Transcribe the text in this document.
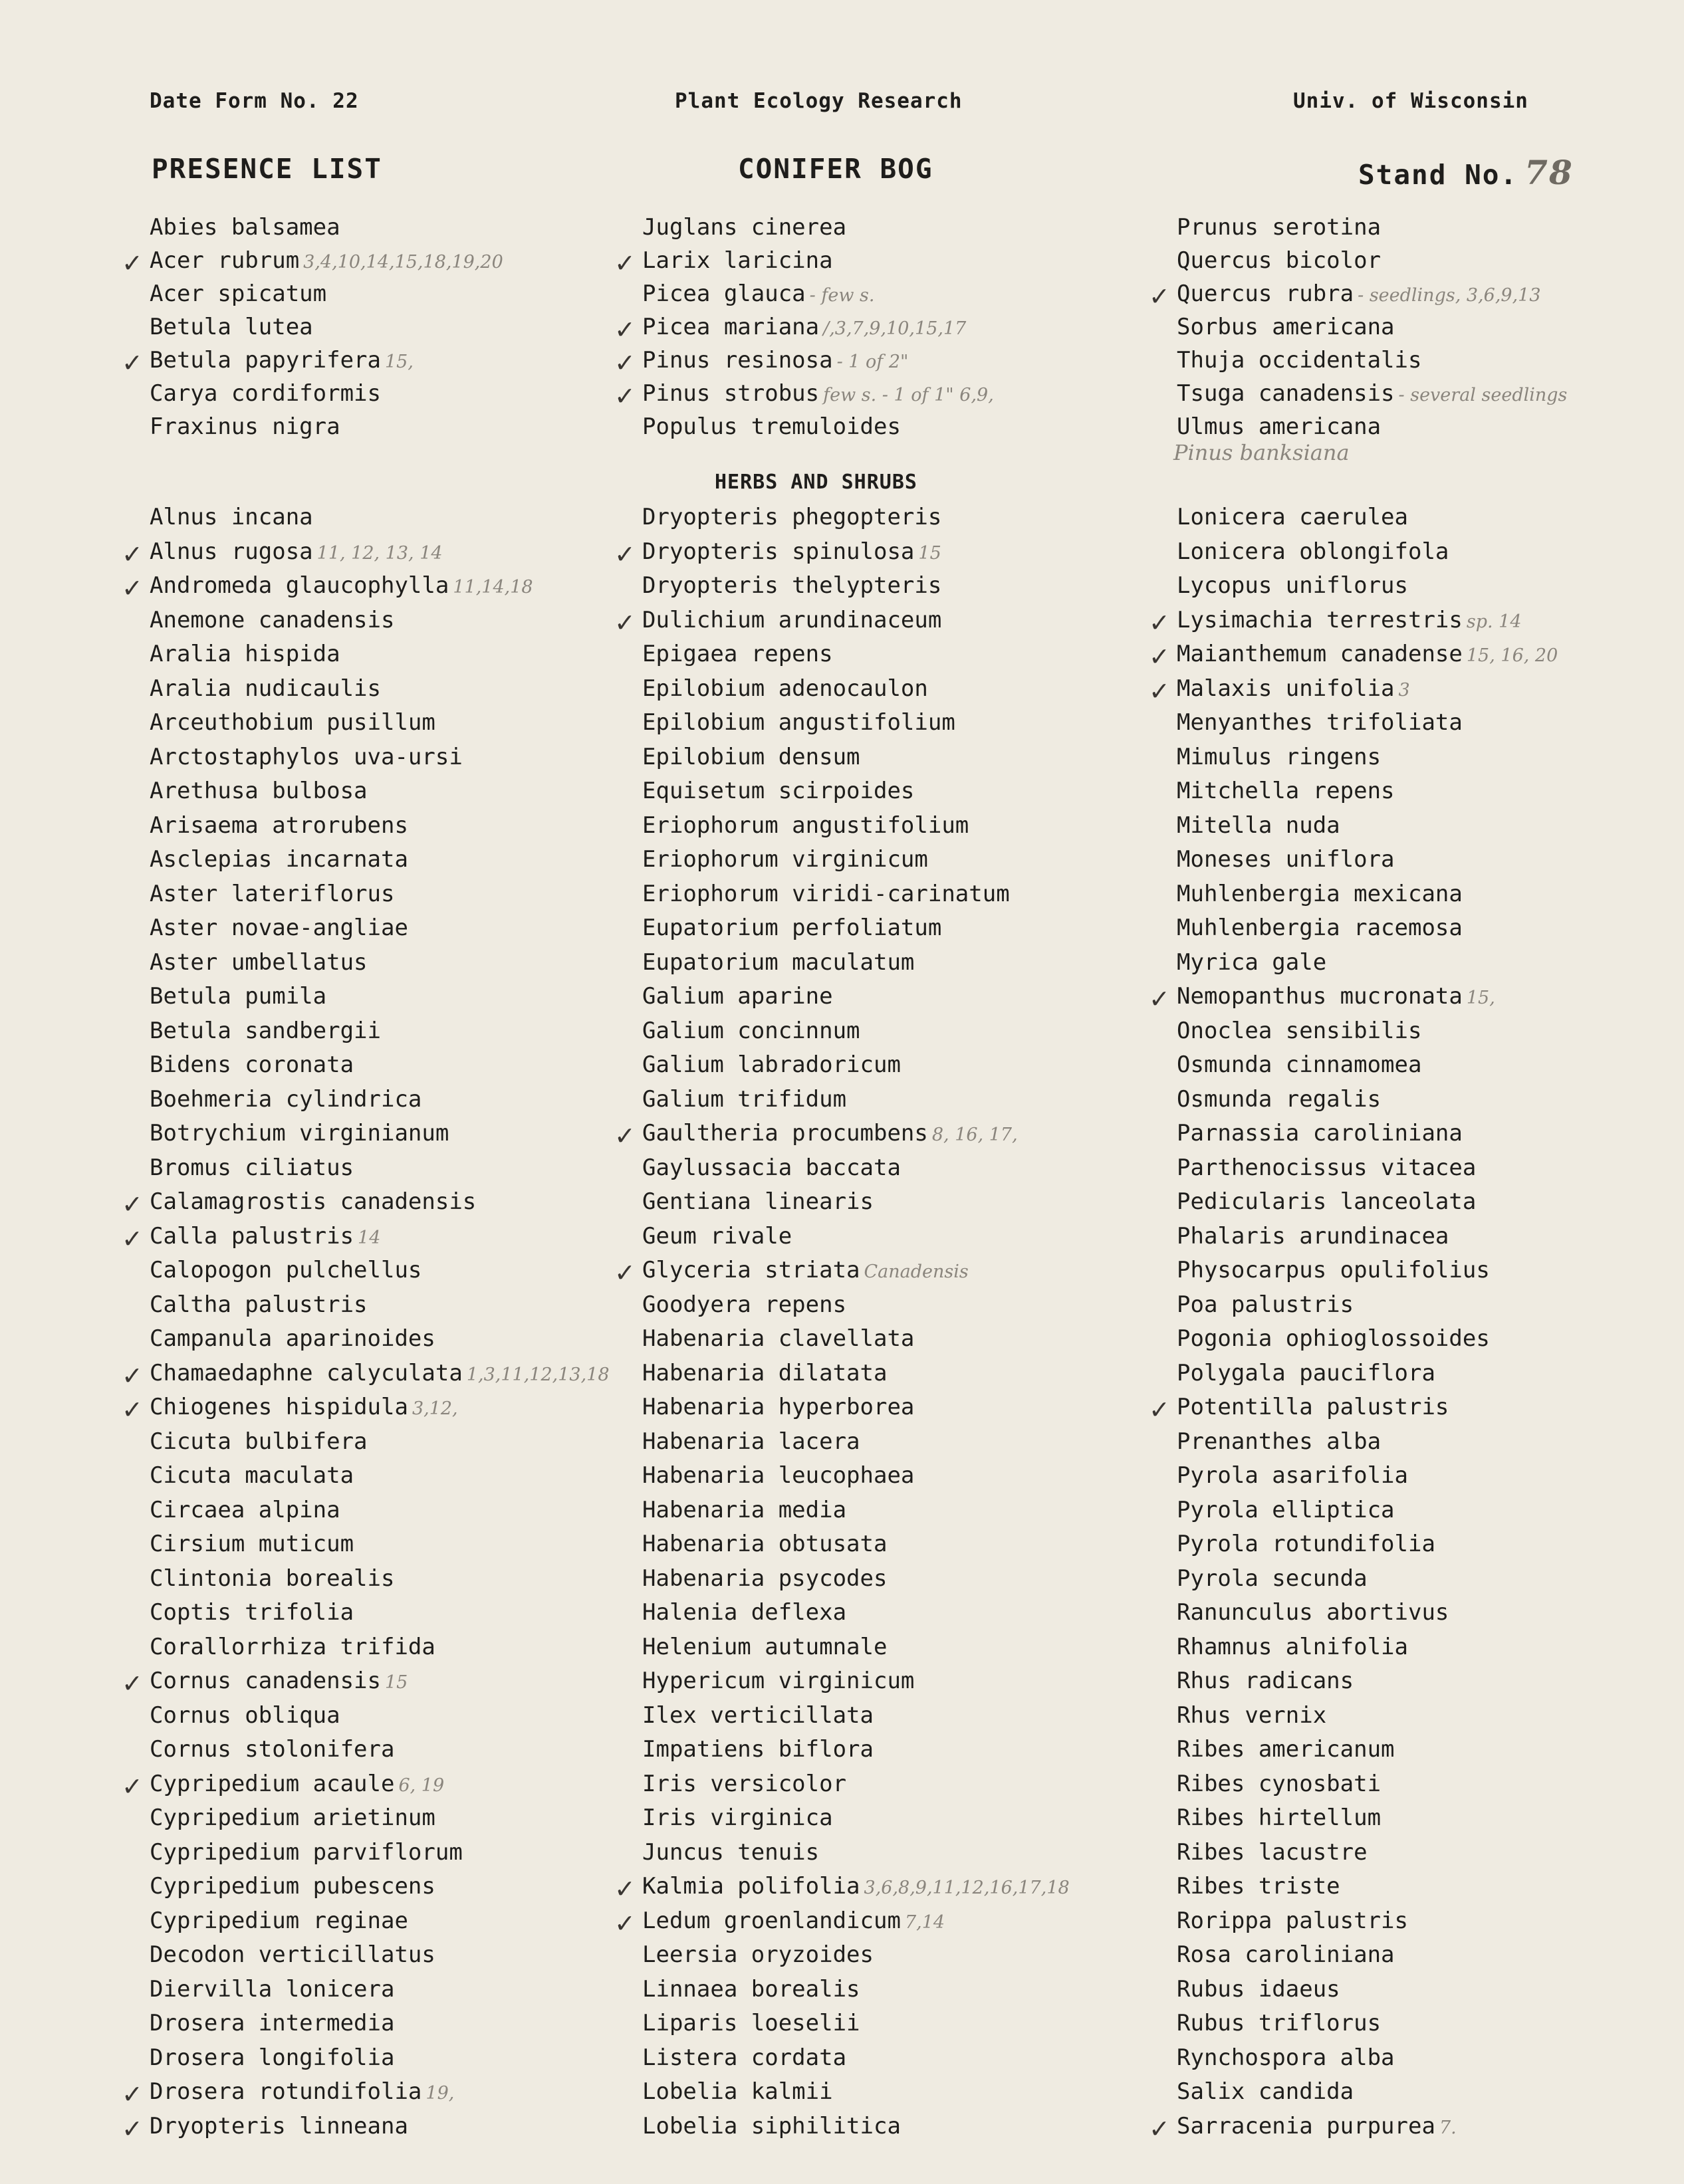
Date Form No. 22	Plant Ecology Research	Univ. of Wisconsin
PRESENCE LIST	CONIFER BOG	Stand No. 78
Abies balsamea
✓ Acer rubrum 3,4,10,14,15,18,19,20
Acer spicatum
Betula lutea
✓ Betula papyrifera 15,
Carya cordiformis
Fraxinus nigra
Juglans cinerea
✓ Larix laricina
Picea glauca - few s.
✓ Picea mariana /,3,7,9,10,15,17
✓ Pinus resinosa - 1 of 2"
✓ Pinus strobus few s. - 1 of 1" 6,9,
Populus tremuloides
Prunus serotina
Quercus bicolor
✓ Quercus rubra - seedlings, 3,6,9,13
Sorbus americana
Thuja occidentalis
Tsuga canadensis - several seedlings
Ulmus americana
Pinus banksiana
HERBS AND SHRUBS
Alnus incana
✓ Alnus rugosa 11, 12, 13, 14
✓ Andromeda glaucophylla 11,14,18
Anemone canadensis
Aralia hispida
Aralia nudicaulis
Arceuthobium pusillum
Arctostaphylos uva-ursi
Arethusa bulbosa
Arisaema atrorubens
Asclepias incarnata
Aster lateriflorus
Aster novae-angliae
Aster umbellatus
Betula pumila
Betula sandbergii
Bidens coronata
Boehmeria cylindrica
Botrychium virginianum
Bromus ciliatus
✓ Calamagrostis canadensis
✓ Calla palustris 14
Calopogon pulchellus
Caltha palustris
Campanula aparinoides
✓ Chamaedaphne calyculata 1,3,11,12,13,18
✓ Chiogenes hispidula 3,12,
Cicuta bulbifera
Cicuta maculata
Circaea alpina
Cirsium muticum
Clintonia borealis
Coptis trifolia
Corallorrhiza trifida
✓ Cornus canadensis 15
Cornus obliqua
Cornus stolonifera
✓ Cypripedium acaule 6, 19
Cypripedium arietinum
Cypripedium parviflorum
Cypripedium pubescens
Cypripedium reginae
Decodon verticillatus
Diervilla lonicera
Drosera intermedia
Drosera longifolia
✓ Drosera rotundifolia 19,
✓ Dryopteris linneana
Dryopteris phegopteris
✓ Dryopteris spinulosa 15
Dryopteris thelypteris
✓ Dulichium arundinaceum
Epigaea repens
Epilobium adenocaulon
Epilobium angustifolium
Epilobium densum
Equisetum scirpoides
Eriophorum angustifolium
Eriophorum virginicum
Eriophorum viridi-carinatum
Eupatorium perfoliatum
Eupatorium maculatum
Galium aparine
Galium concinnum
Galium labradoricum
Galium trifidum
✓ Gaultheria procumbens 8, 16, 17,
Gaylussacia baccata
Gentiana linearis
Geum rivale
✓ Glyceria striata Canadensis
Goodyera repens
Habenaria clavellata
Habenaria dilatata
Habenaria hyperborea
Habenaria lacera
Habenaria leucophaea
Habenaria media
Habenaria obtusata
Habenaria psycodes
Halenia deflexa
Helenium autumnale
Hypericum virginicum
Ilex verticillata
Impatiens biflora
Iris versicolor
Iris virginica
Juncus tenuis
✓ Kalmia polifolia 3,6,8,9,11,12,16,17,18
✓ Ledum groenlandicum 7,14
Leersia oryzoides
Linnaea borealis
Liparis loeselii
Listera cordata
Lobelia kalmii
Lobelia siphilitica
Lonicera caerulea
Lonicera oblongifola
Lycopus uniflorus
✓ Lysimachia terrestris sp. 14
✓ Maianthemum canadense 15, 16, 20
✓ Malaxis unifolia 3
Menyanthes trifoliata
Mimulus ringens
Mitchella repens
Mitella nuda
Moneses uniflora
Muhlenbergia mexicana
Muhlenbergia racemosa
Myrica gale
✓ Nemopanthus mucronata 15,
Onoclea sensibilis
Osmunda cinnamomea
Osmunda regalis
Parnassia caroliniana
Parthenocissus vitacea
Pedicularis lanceolata
Phalaris arundinacea
Physocarpus opulifolius
Poa palustris
Pogonia ophioglossoides
Polygala pauciflora
✓ Potentilla palustris
Prenanthes alba
Pyrola asarifolia
Pyrola elliptica
Pyrola rotundifolia
Pyrola secunda
Ranunculus abortivus
Rhamnus alnifolia
Rhus radicans
Rhus vernix
Ribes americanum
Ribes cynosbati
Ribes hirtellum
Ribes lacustre
Ribes triste
Rorippa palustris
Rosa caroliniana
Rubus idaeus
Rubus triflorus
Rynchospora alba
Salix candida
✓ Sarracenia purpurea 7.
